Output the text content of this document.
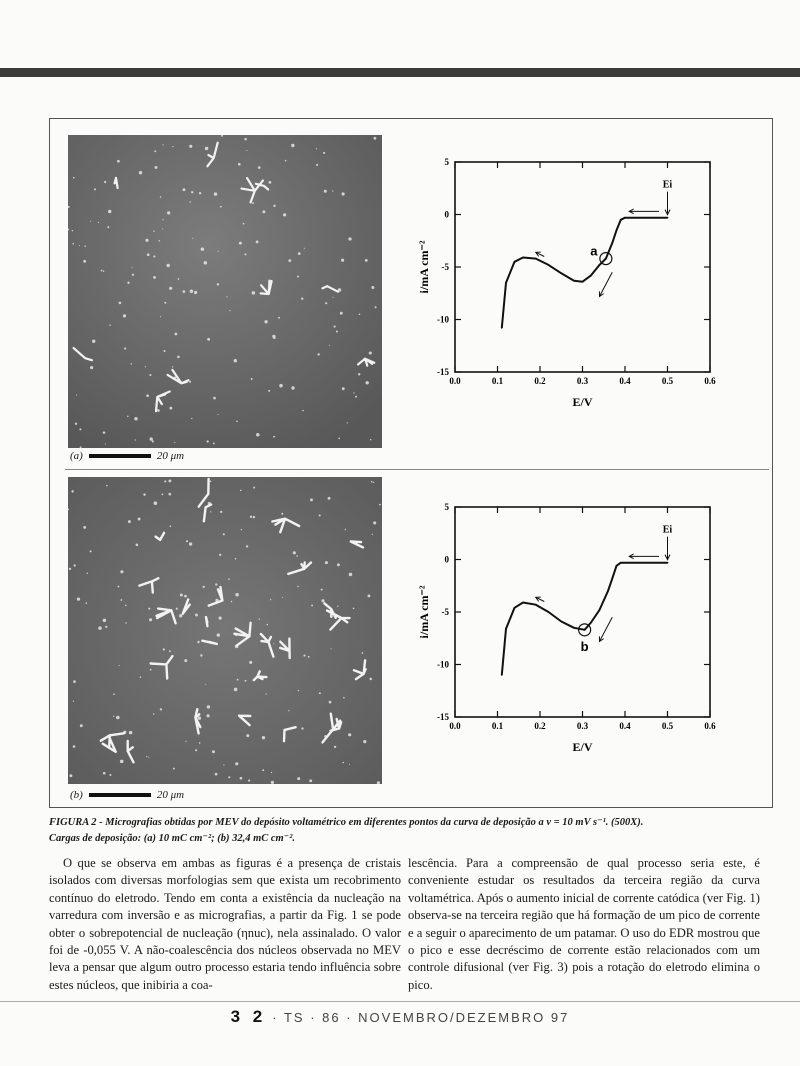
(a)	20 μm
(b)	20 μm
0.0	0.1	0.2	0.3	0.4	0.5	0.6
5
0
-5
-10
-15
E/V
i/mA cm⁻²
Ei
a
0.0	0.1	0.2	0.3	0.4	0.5	0.6
5
0
-5
-10
-15
E/V
i/mA cm⁻²
Ei
b
FIGURA 2 - Micrografias obtidas por MEV do depósito voltamétrico em diferentes pontos da curva de deposição a v = 10 mV s⁻¹. (500X).
Cargas de deposição: (a) 10 mC cm⁻²; (b) 32,4 mC cm⁻².
O que se observa em ambas as figuras é a presença de cristais isolados com diversas morfologias sem que exista um recobrimento contínuo do eletrodo. Tendo em conta a existência da nucleação na varredura com inversão e as micrografias, a partir da Fig. 1 se pode obter o sobrepotencial de nucleação (ηnuc), nela assinalado. O valor foi de -0,055 V. A não-coalescência dos núcleos observada no MEV leva a pensar que algum outro processo estaria tendo influência sobre estes núcleos, que inibiria a coa-
lescência. Para a compreensão de qual processo seria este, é conveniente estudar os resultados da terceira região da curva voltamétrica. Após o aumento inicial de corrente catódica (ver Fig. 1) observa-se na terceira região que há formação de um pico de corrente e a seguir o aparecimento de um patamar. O uso do EDR mostrou que o pico e esse decréscimo de corrente estão relacionados com um controle difusional (ver Fig. 3) pois a rotação do eletrodo elimina o pico.
3 2 · TS · 86 · NOVEMBRO/DEZEMBRO 97
